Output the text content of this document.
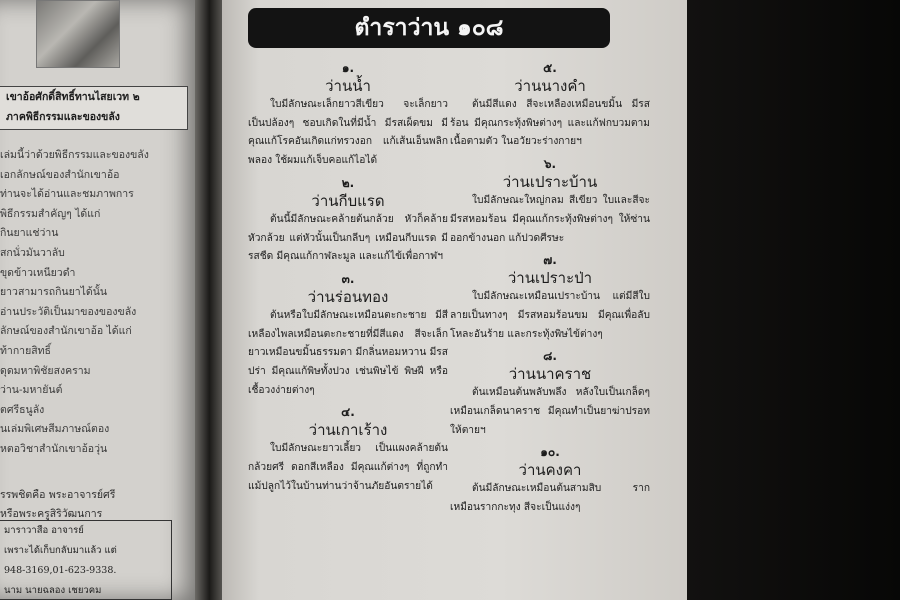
เขาอ้อศักดิ์สิทธิ์ทานไสยเวท ๒
ภาคพิธีกรรมและของขลัง
เล่มนี้ว่าด้วยพิธีกรรมและของขลัง
เอกลักษณ์ของสำนักเขาอ้อ
ท่านจะได้อ่านและชมภาพการ
พิธีกรรมสำคัญๆ ได้แก่
กินยาแช่ว่าน
สกนั่วมันวาลับ
ขุดข้าวเหนียวดำ
ยาวสามารถกินยาได้นั้น
อ่านประวัติเป็นมาของของขลัง
ลักษณ์ของสำนักเขาอ้อ ได้แก่
ท้ากายสิทธิ์
ดุดมหาพิชัยสงคราม
ว่าน-มหายันต์
ตศรีธนูลัง
นเล่มพิเศษสีมภาษณ์ตอง
หตอวิชาสำนักเขาอ้อวุ่น
รรพชิตคือ พระอาจารย์ศรี
หรือพระครูสิริวัฒนการ
มาราวาสือ อาจารย์
เพราะได้เก็บกลับมาแล้ว แต่
948-3169,01-623-9338.
นาม นายฉลอง เชยวคม
ตำราว่าน ๑๐๘
๑.
ว่านน้ำ
ใบมีลักษณะเล็กยาวสีเขียว จะเล็กยาวเป็นปล้องๆ ชอบเกิดในที่มีน้ำ มีรสเผ็ดขม มีคุณแก้โรคอันเกิดแก่ทรวงอก แก้เส้นเอ็นพลิกพลอง ใช้ผมแก้เจ็บคอแก้ไอได้
๒.
ว่านกีบแรด
ต้นนี้มีลักษณะคล้ายต้นกล้วย หัวก็คล้ายหัวกล้วย แต่หัวนั้นเป็นกลีบๆ เหมือนกีบแรด มีรสชืด มีคุณแก้กาฬละมูล และแก้ไข้เพื่อกาฬฯ
๓.
ว่านร่อนทอง
ต้นหรือใบมีลักษณะเหมือนตะกะชาย มีสีเหลืองไพลเหมือนตะกะชายที่มีสีแดง สีจะเล็กยาวเหมือนขมิ้นธรรมดา มีกลิ่นหอมหวาน มีรสปร่า มีคุณแก้พิษทั้งปวง เช่นพิษไข้ พิษฝี หรือเชื้อวงง่ายต่างๆ
๔.
ว่านเกาเร้าง
ใบมีลักษณะยาวเลี้ยว เป็นแผงคล้ายต้นกล้วยศรี ดอกสีเหลือง มีคุณแก้ต่างๆ ที่ถูกทำ แม้ปลูกไว้ในบ้านท่านว่าจ้านภัยอันตรายได้
๕.
ว่านนางคำ
ต้นมีสีแดง สีจะเหลืองเหมือนขมิ้น มีรสร้อน มีคุณกระทุ้งพิษต่างๆ และแก้ฟกบวมตามเนื้อตามตัว ในอวัยวะร่างกายฯ
๖.
ว่านเปราะบ้าน
ใบมีลักษณะใหญ่กลม สีเขียว ใบและสีจะมีรสหอมร้อน มีคุณแก้กระทุ้งพิษต่างๆ ให้ซ่านออกข้างนอก แก้ปวดศีรษะ
๗.
ว่านเปราะป่า
ใบมีลักษณะเหมือนเปราะบ้าน แต่มีสีใบลายเป็นทางๆ มีรสหอมร้อนขม มีคุณเพื่อลับโหละอันร้าย และกระทุ้งพิษไข้ต่างๆ
๘.
ว่านนาคราช
ต้นเหมือนต้นพลับพลึง หลังใบเป็นเกล็ดๆ เหมือนเกล็ดนาคราช มีคุณทำเป็นยาฆ่าปรอทให้ตายฯ
๑๐.
ว่านคงคา
ต้นมีลักษณะเหมือนต้นสามสิบ รากเหมือนรากกะทุง สีจะเป็นแง่งๆ
